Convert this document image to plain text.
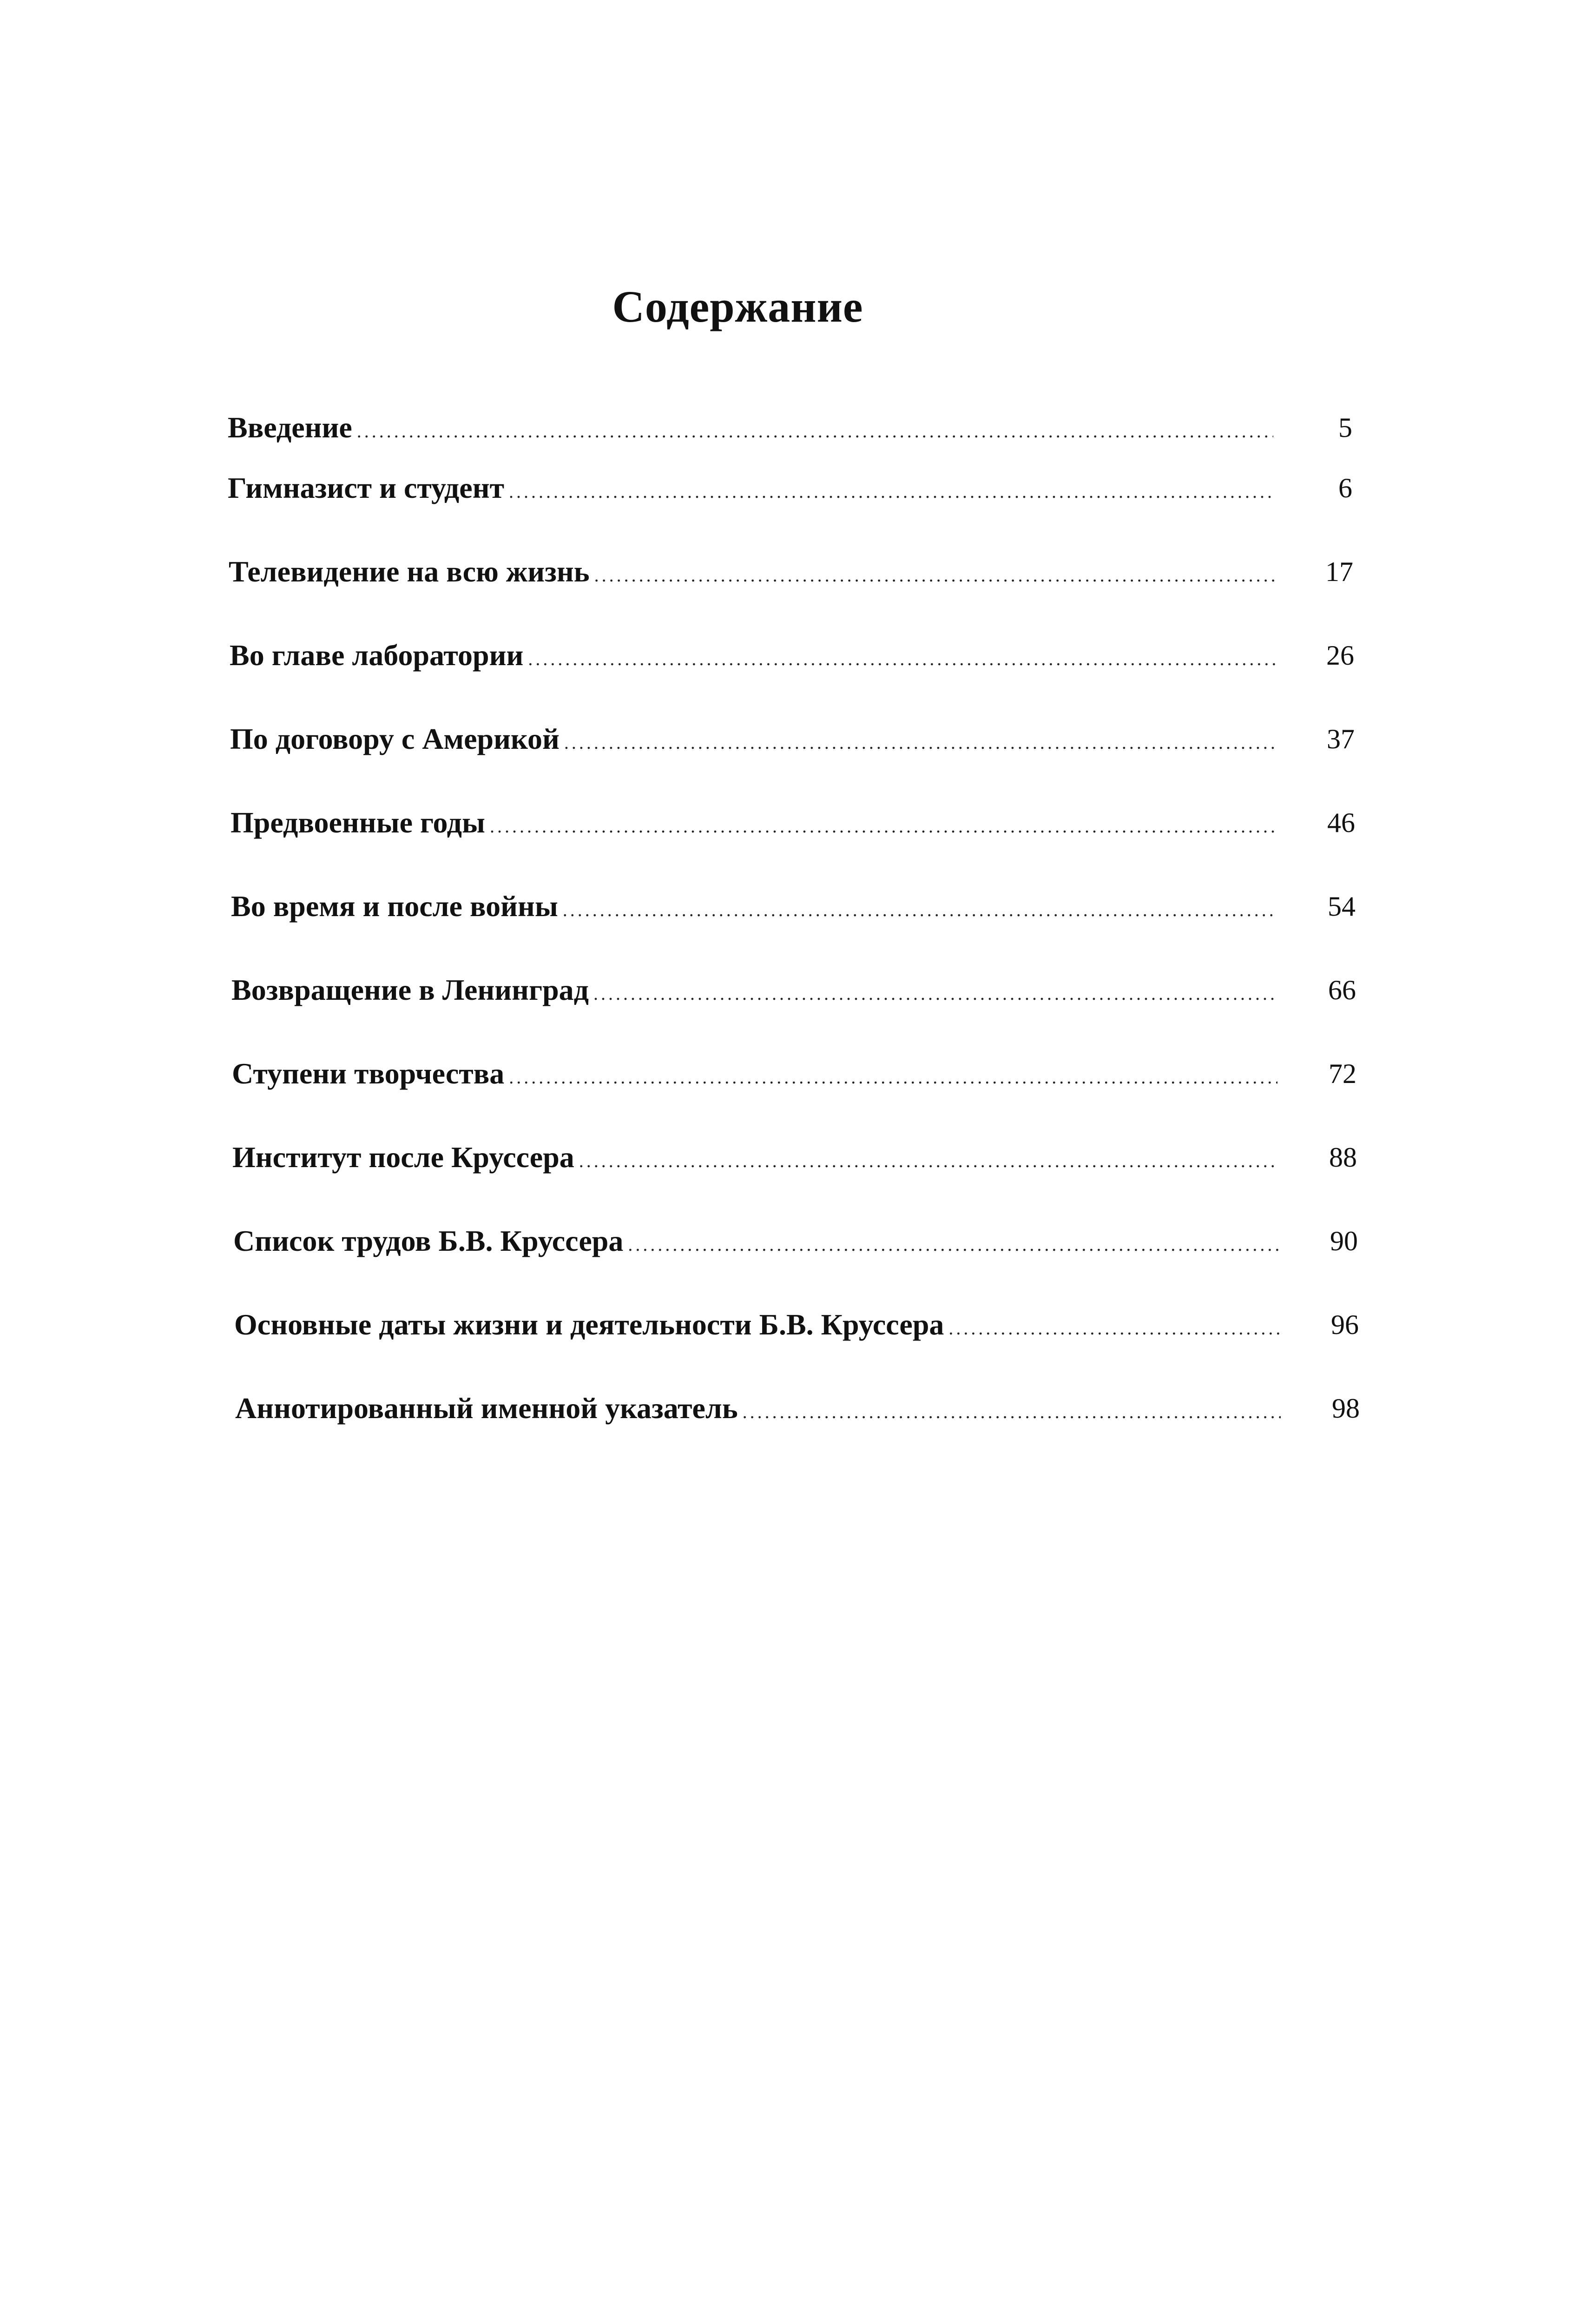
Содержание
Введение .....	5
Гимназист и студент .....	6
Телевидение на всю жизнь .....	17
Во главе лаборатории .....	26
По договору с Америкой .....	37
Предвоенные годы .....	46
Во время и после войны .....	54
Возвращение в Ленинград .....	66
Ступени творчества .....	72
Институт после Круссера .....	88
Список трудов Б.В. Круссера .....	90
Основные даты жизни и деятельности Б.В. Круссера .....	96
Аннотированный именной указатель .....	98
